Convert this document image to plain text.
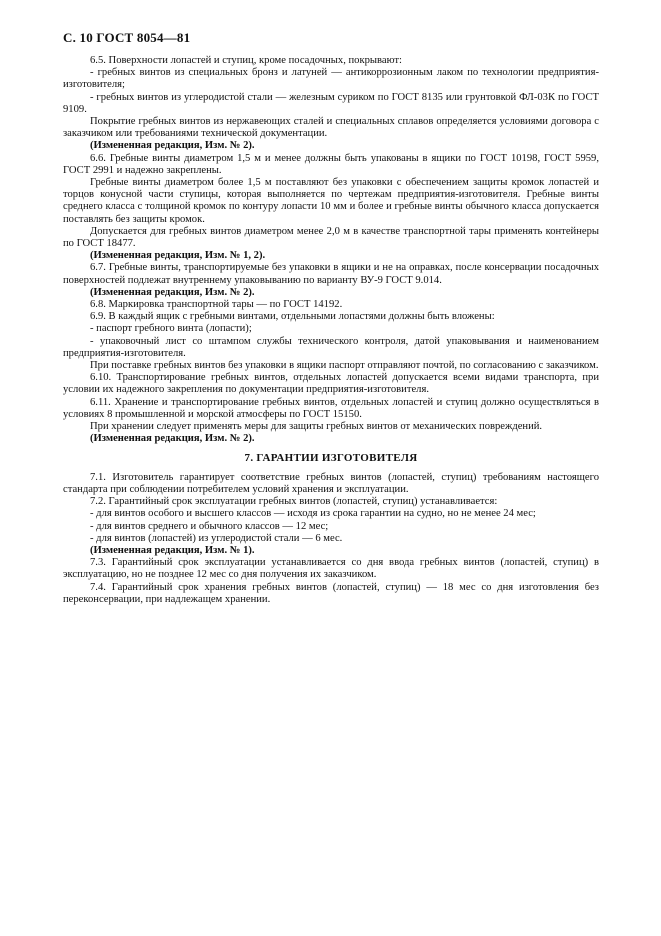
С. 10 ГОСТ 8054—81

6.5. Поверхности лопастей и ступиц, кроме посадочных, покрывают:

- гребных винтов из специальных бронз и латуней — антикоррозионным лаком по технологии предприятия-изготовителя;

- гребных винтов из углеродистой стали — железным суриком по ГОСТ 8135 или грунтовкой ФЛ-03К по ГОСТ 9109.

Покрытие гребных винтов из нержавеющих сталей и специальных сплавов определяется условиями договора с заказчиком или требованиями технической документации.

(Измененная редакция, Изм. № 2).

6.6. Гребные винты диаметром 1,5 м и менее должны быть упакованы в ящики по ГОСТ 10198, ГОСТ 5959, ГОСТ 2991 и надежно закреплены.

Гребные винты диаметром более 1,5 м поставляют без упаковки с обеспечением защиты кромок лопастей и торцов конусной части ступицы, которая выполняется по чертежам предприятия-изготовителя. Гребные винты среднего класса с толщиной кромок по контуру лопасти 10 мм и более и гребные винты обычного класса допускается поставлять без защиты кромок.

Допускается для гребных винтов диаметром менее 2,0 м в качестве транспортной тары применять контейнеры по ГОСТ 18477.

(Измененная редакция, Изм. № 1, 2).

6.7. Гребные винты, транспортируемые без упаковки в ящики и не на оправках, после консервации посадочных поверхностей подлежат внутреннему упаковыванию по варианту ВУ-9 ГОСТ 9.014.

(Измененная редакция, Изм. № 2).

6.8. Маркировка транспортной тары — по ГОСТ 14192.

6.9. В каждый ящик с гребными винтами, отдельными лопастями должны быть вложены:

- паспорт гребного винта (лопасти);

- упаковочный лист со штампом службы технического контроля, датой упаковывания и наименованием предприятия-изготовителя.

При поставке гребных винтов без упаковки в ящики паспорт отправляют почтой, по согласованию с заказчиком.

6.10. Транспортирование гребных винтов, отдельных лопастей допускается всеми видами транспорта, при условии их надежного закрепления по документации предприятия-изготовителя.

6.11. Хранение и транспортирование гребных винтов, отдельных лопастей и ступиц должно осуществляться в условиях 8 промышленной и морской атмосферы по ГОСТ 15150.

При хранении следует применять меры для защиты гребных винтов от механических повреждений.

(Измененная редакция, Изм. № 2).

7. ГАРАНТИИ ИЗГОТОВИТЕЛЯ

7.1. Изготовитель гарантирует соответствие гребных винтов (лопастей, ступиц) требованиям настоящего стандарта при соблюдении потребителем условий хранения и эксплуатации.

7.2. Гарантийный срок эксплуатации гребных винтов (лопастей, ступиц) устанавливается:

- для винтов особого и высшего классов — исходя из срока гарантии на судно, но не менее 24 мес;

- для винтов среднего и обычного классов — 12 мес;

- для винтов (лопастей) из углеродистой стали — 6 мес.

(Измененная редакция, Изм. № 1).

7.3. Гарантийный срок эксплуатации устанавливается со дня ввода гребных винтов (лопастей, ступиц) в эксплуатацию, но не позднее 12 мес со дня получения их заказчиком.

7.4. Гарантийный срок хранения гребных винтов (лопастей, ступиц) — 18 мес со дня изготовления без переконсервации, при надлежащем хранении.
